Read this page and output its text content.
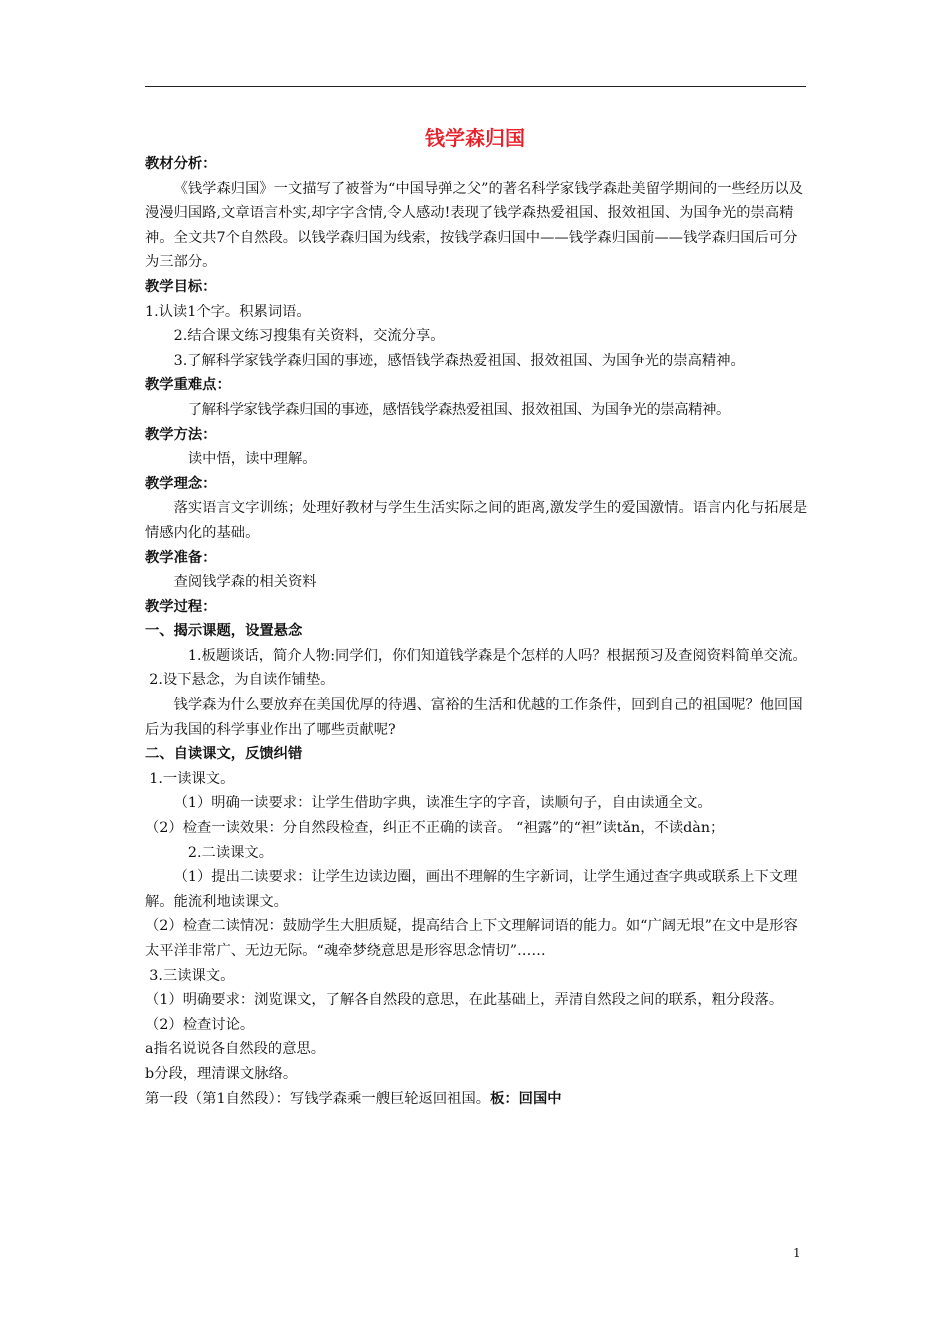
钱学森归国

教材分析：

《钱学森归国》一文描写了被誉为“中国导弹之父”的著名科学家钱学森赴美留学期间的一些经历以及漫漫归国路,文章语言朴实,却字字含情,令人感动!表现了钱学森热爱祖国、报效祖国、为国争光的崇高精神。全文共7个自然段。以钱学森归国为线索，按钱学森归国中——钱学森归国前——钱学森归国后可分为三部分。

教学目标：

1.认读1个字。积累词语。

2.结合课文练习搜集有关资料，交流分享。

3.了解科学家钱学森归国的事迹，感悟钱学森热爱祖国、报效祖国、为国争光的崇高精神。

教学重难点：

了解科学家钱学森归国的事迹，感悟钱学森热爱祖国、报效祖国、为国争光的崇高精神。

教学方法：

读中悟，读中理解。

教学理念：

落实语言文字训练；处理好教材与学生生活实际之间的距离,激发学生的爱国激情。语言内化与拓展是情感内化的基础。

教学准备：

查阅钱学森的相关资料

教学过程：

一、揭示课题，设置悬念

1.板题谈话，简介人物:同学们，你们知道钱学森是个怎样的人吗？根据预习及查阅资料简单交流。

2.设下悬念，为自读作铺垫。

钱学森为什么要放弃在美国优厚的待遇、富裕的生活和优越的工作条件，回到自己的祖国呢？他回国后为我国的科学事业作出了哪些贡献呢?

二、自读课文，反馈纠错

1.一读课文。

（1）明确一读要求：让学生借助字典，读准生字的字音，读顺句子，自由读通全文。

（2）检查一读效果：分自然段检查，纠正不正确的读音。 “袒露”的“袒”读tǎn，不读dàn；

2.二读课文。

（1）提出二读要求：让学生边读边圈，画出不理解的生字新词，让学生通过查字典或联系上下文理解。能流利地读课文。

（2）检查二读情况：鼓励学生大胆质疑，提高结合上下文理解词语的能力。如“广阔无垠”在文中是形容太平洋非常广、无边无际。“魂牵梦绕意思是形容思念情切”……

3.三读课文。

（1）明确要求：浏览课文，了解各自然段的意思，在此基础上，弄清自然段之间的联系，粗分段落。

（2）检查讨论。

a指名说说各自然段的意思。

b分段，理清课文脉络。

第一段（第1自然段）：写钱学森乘一艘巨轮返回祖国。板：回国中

1
